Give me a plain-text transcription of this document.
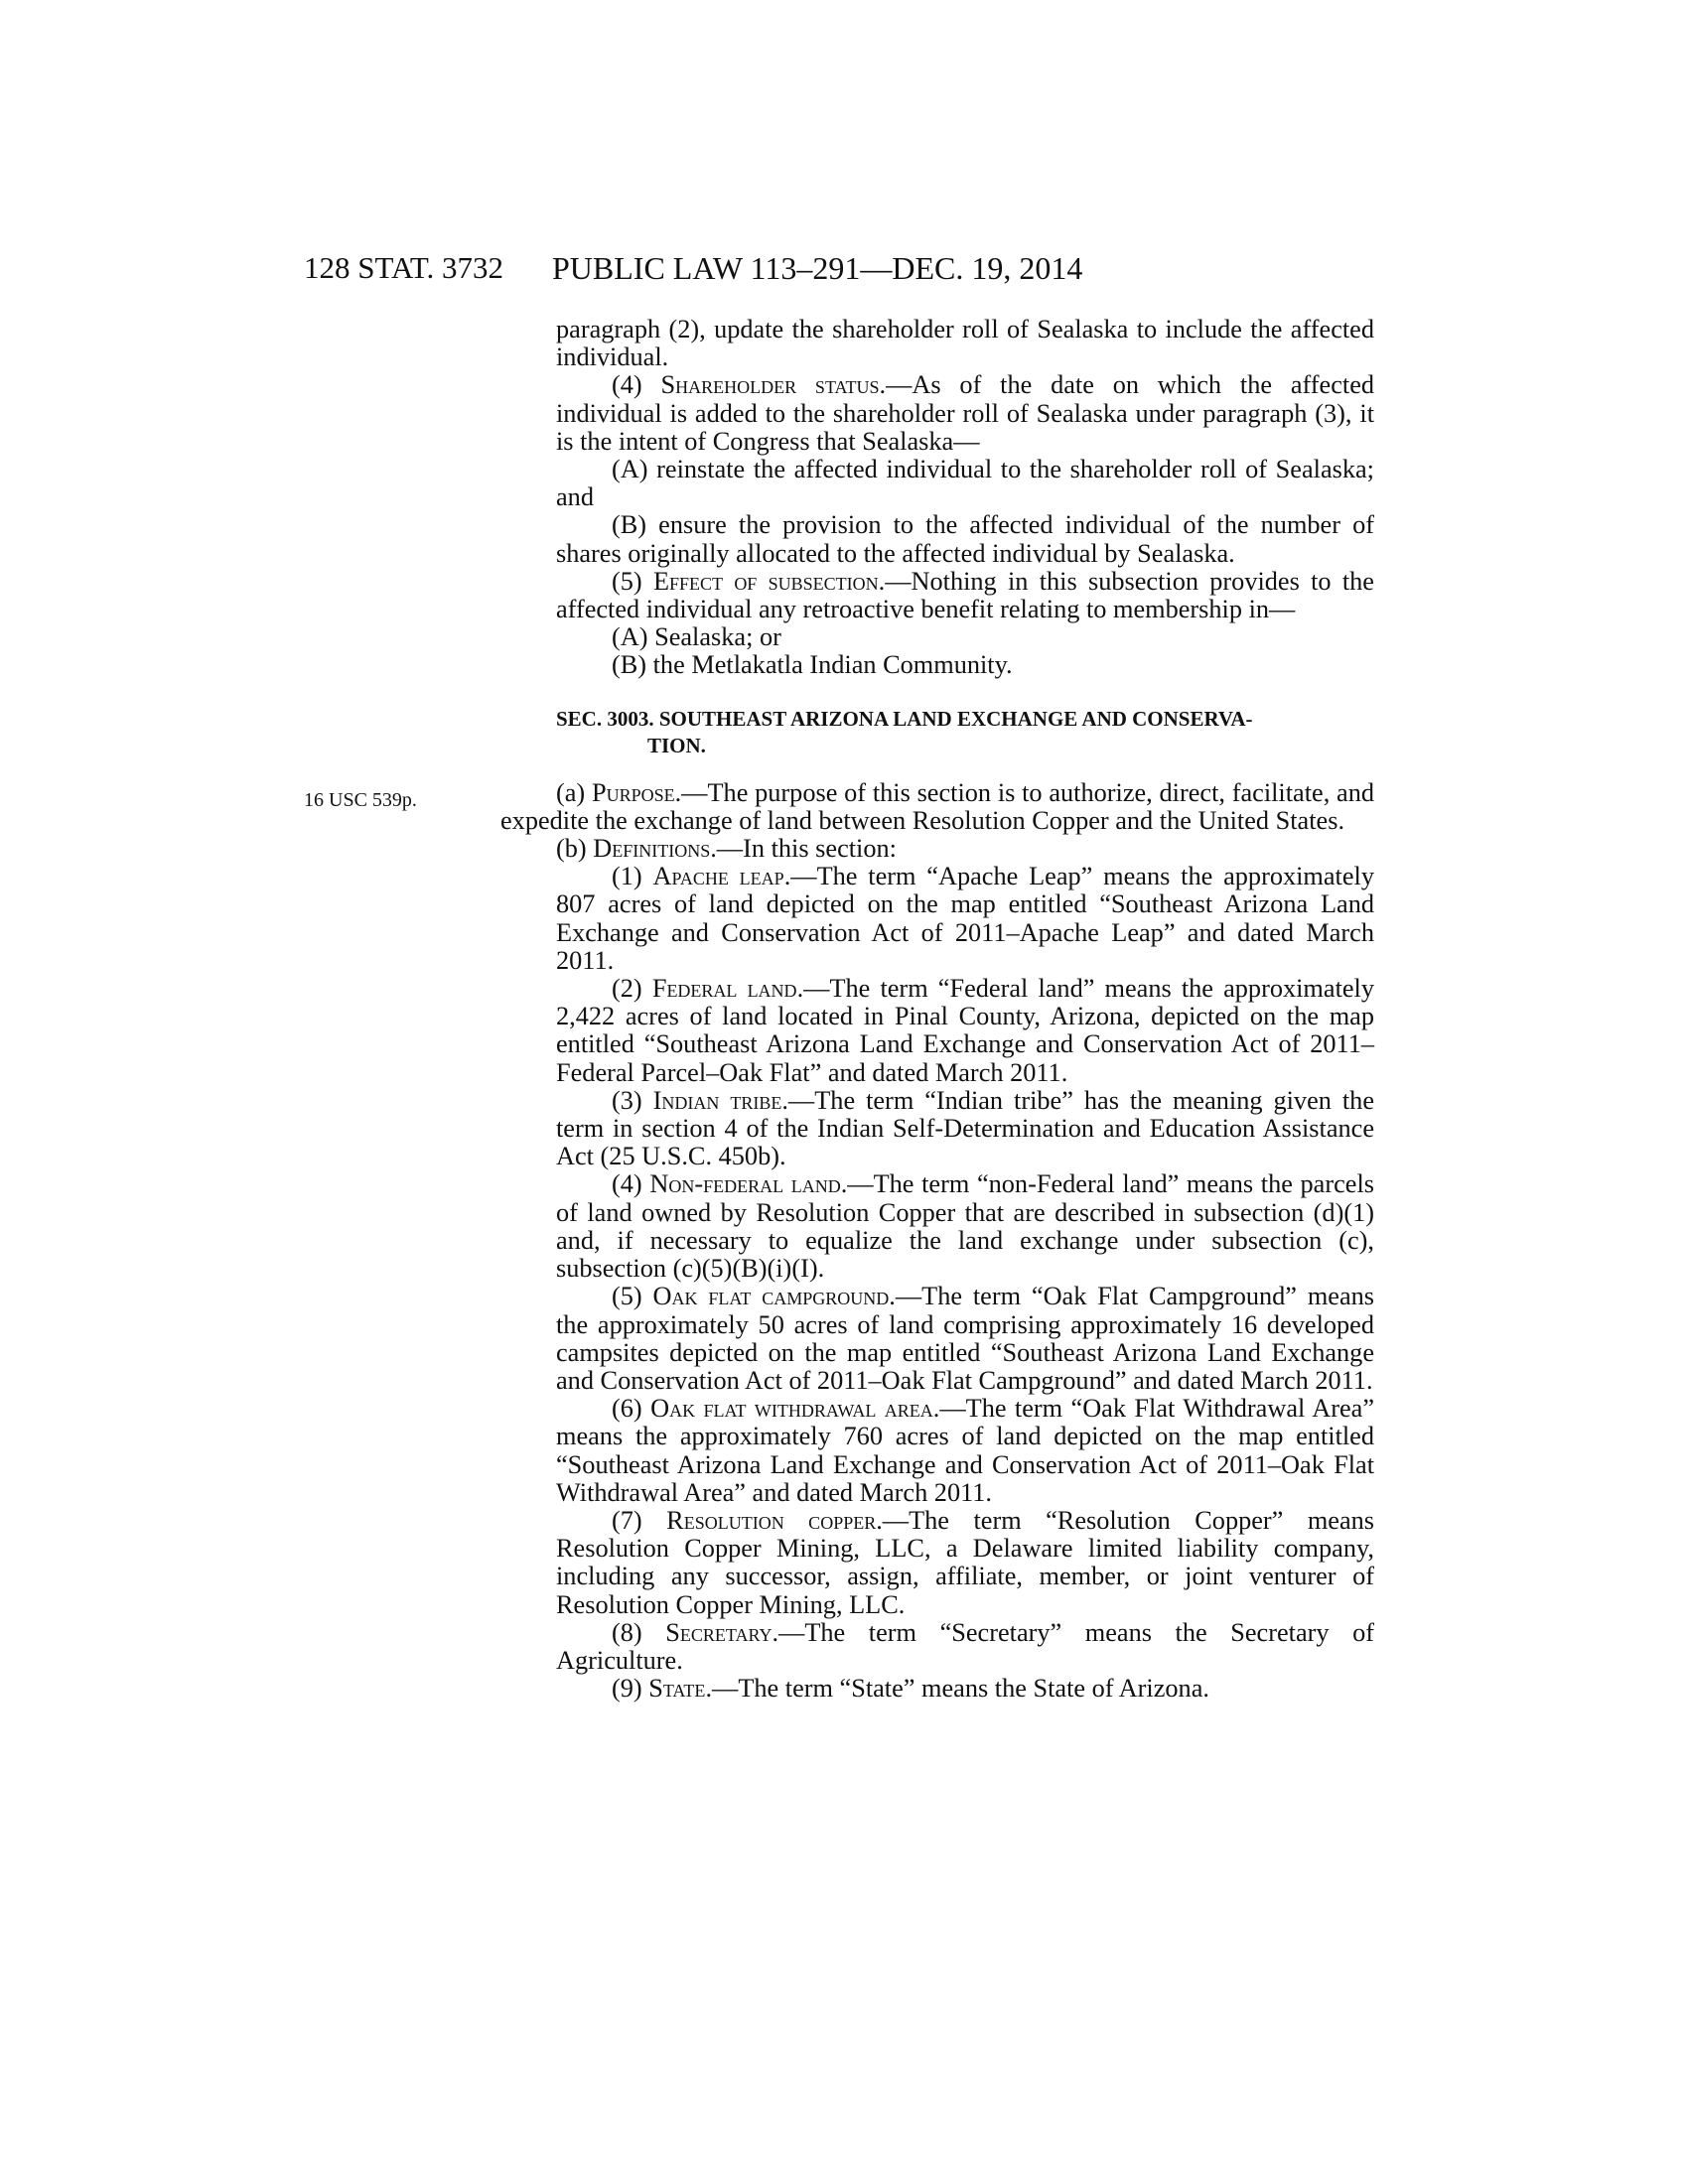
128 STAT. 3732 PUBLIC LAW 113–291—DEC. 19, 2014
16 USC 539p.

paragraph (2), update the shareholder roll of Sealaska to include the affected individual.

(4) Shareholder status.—As of the date on which the affected individual is added to the shareholder roll of Sealaska under paragraph (3), it is the intent of Congress that Sealaska—

(A) reinstate the affected individual to the shareholder roll of Sealaska; and

(B) ensure the provision to the affected individual of the number of shares originally allocated to the affected individual by Sealaska.

(5) Effect of subsection.—Nothing in this subsection provides to the affected individual any retroactive benefit relating to membership in—

(A) Sealaska; or

(B) the Metlakatla Indian Community.

SEC. 3003. SOUTHEAST ARIZONA LAND EXCHANGE AND CONSERVA-
TION.

(a) Purpose.—The purpose of this section is to authorize, direct, facilitate, and expedite the exchange of land between Resolution Copper and the United States.

(b) Definitions.—In this section:

(1) Apache leap.—The term “Apache Leap” means the approximately 807 acres of land depicted on the map entitled “Southeast Arizona Land Exchange and Conservation Act of 2011–Apache Leap” and dated March 2011.

(2) Federal land.—The term “Federal land” means the approximately 2,422 acres of land located in Pinal County, Arizona, depicted on the map entitled “Southeast Arizona Land Exchange and Conservation Act of 2011–Federal Parcel–Oak Flat” and dated March 2011.

(3) Indian tribe.—The term “Indian tribe” has the meaning given the term in section 4 of the Indian Self-Determination and Education Assistance Act (25 U.S.C. 450b).

(4) Non-federal land.—The term “non-Federal land” means the parcels of land owned by Resolution Copper that are described in subsection (d)(1) and, if necessary to equalize the land exchange under subsection (c), subsection (c)(5)(B)(i)(I).

(5) Oak flat campground.—The term “Oak Flat Campground” means the approximately 50 acres of land comprising approximately 16 developed campsites depicted on the map entitled “Southeast Arizona Land Exchange and Conservation Act of 2011–Oak Flat Campground” and dated March 2011.

(6) Oak flat withdrawal area.—The term “Oak Flat Withdrawal Area” means the approximately 760 acres of land depicted on the map entitled “Southeast Arizona Land Exchange and Conservation Act of 2011–Oak Flat Withdrawal Area” and dated March 2011.

(7) Resolution copper.—The term “Resolution Copper” means Resolution Copper Mining, LLC, a Delaware limited liability company, including any successor, assign, affiliate, member, or joint venturer of Resolution Copper Mining, LLC.

(8) Secretary.—The term “Secretary” means the Secretary of Agriculture.

(9) State.—The term “State” means the State of Arizona.
